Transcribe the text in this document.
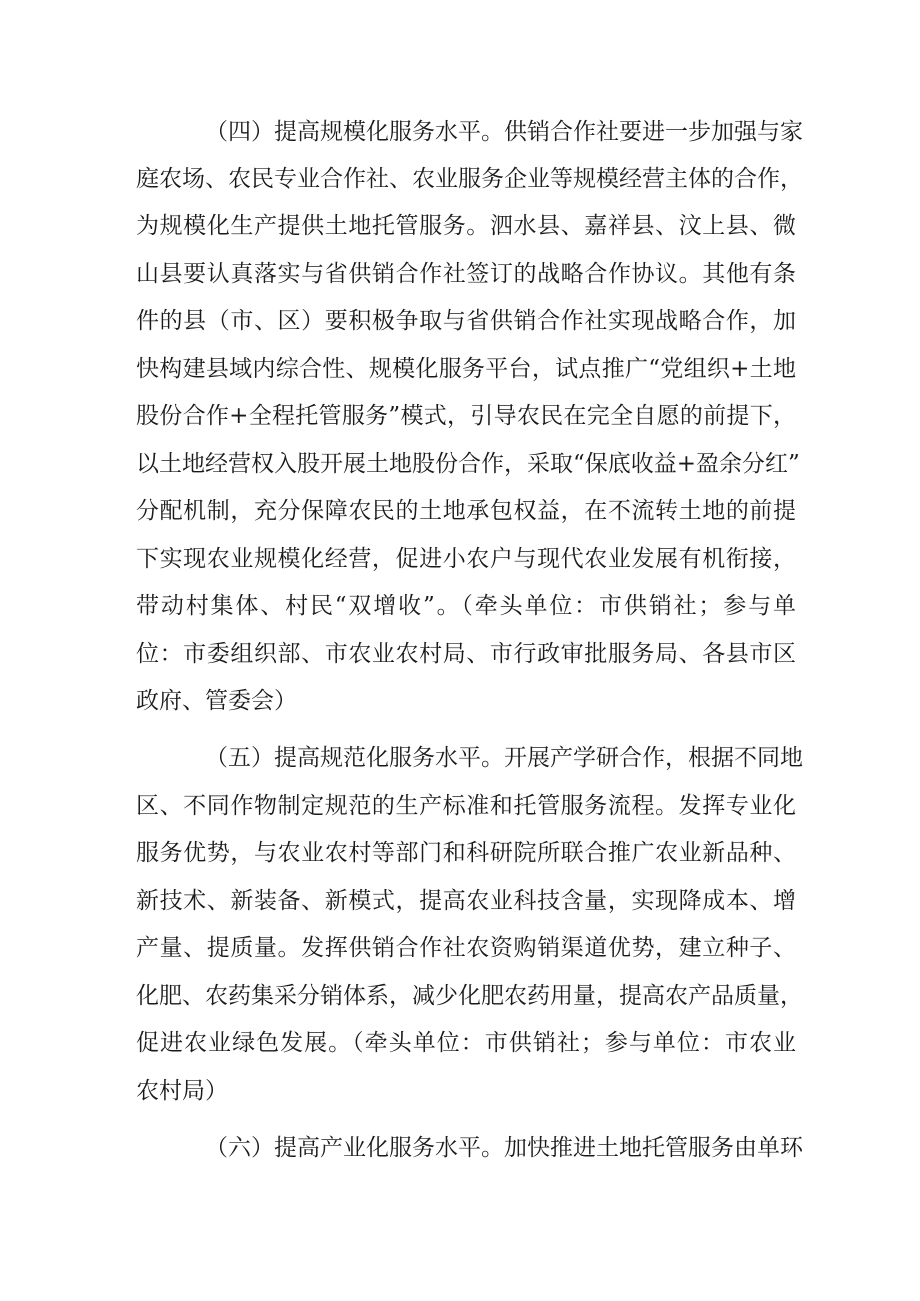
（四）提高规模化服务水平。供销合作社要进一步加强与家
庭农场、农民专业合作社、农业服务企业等规模经营主体的合作，
为规模化生产提供土地托管服务。泗水县、嘉祥县、汶上县、微
山县要认真落实与省供销合作社签订的战略合作协议。其他有条
件的县（市、区）要积极争取与省供销合作社实现战略合作，加
快构建县域内综合性、规模化服务平台，试点推广“党组织+土地
股份合作+全程托管服务”模式，引导农民在完全自愿的前提下，
以土地经营权入股开展土地股份合作，采取“保底收益+盈余分红”
分配机制，充分保障农民的土地承包权益，在不流转土地的前提
下实现农业规模化经营，促进小农户与现代农业发展有机衔接，
带动村集体、村民“双增收”。（牵头单位：市供销社；参与单
位：市委组织部、市农业农村局、市行政审批服务局、各县市区
政府、管委会）
（五）提高规范化服务水平。开展产学研合作，根据不同地
区、不同作物制定规范的生产标准和托管服务流程。发挥专业化
服务优势，与农业农村等部门和科研院所联合推广农业新品种、
新技术、新装备、新模式，提高农业科技含量，实现降成本、增
产量、提质量。发挥供销合作社农资购销渠道优势，建立种子、
化肥、农药集采分销体系，减少化肥农药用量，提高农产品质量，
促进农业绿色发展。（牵头单位：市供销社；参与单位：市农业
农村局）
（六）提高产业化服务水平。加快推进土地托管服务由单环
